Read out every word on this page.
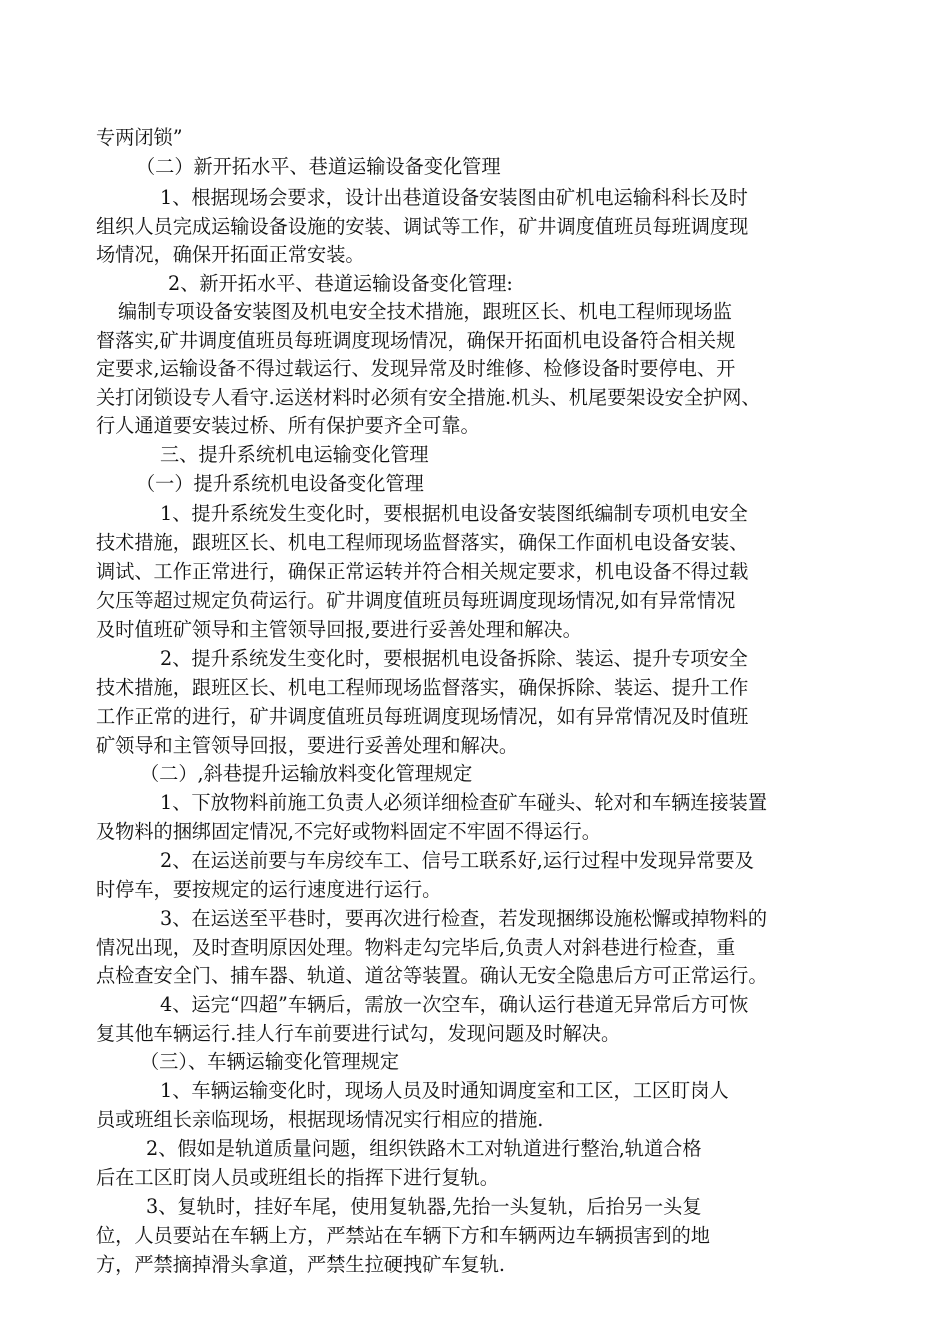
专两闭锁”
（二）新开拓水平、巷道运输设备变化管理
1、根据现场会要求，设计出巷道设备安装图由矿机电运输科科长及时
组织人员完成运输设备设施的安装、调试等工作，矿井调度值班员每班调度现
场情况，确保开拓面正常安装。
2、新开拓水平、巷道运输设备变化管理:
编制专项设备安装图及机电安全技术措施，跟班区长、机电工程师现场监
督落实,矿井调度值班员每班调度现场情况，确保开拓面机电设备符合相关规
定要求,运输设备不得过载运行、发现异常及时维修、检修设备时要停电、开
关打闭锁设专人看守.运送材料时必须有安全措施.机头、机尾要架设安全护网、
行人通道要安装过桥、所有保护要齐全可靠。
三、提升系统机电运输变化管理
（一）提升系统机电设备变化管理
1、提升系统发生变化时，要根据机电设备安装图纸编制专项机电安全
技术措施，跟班区长、机电工程师现场监督落实，确保工作面机电设备安装、
调试、工作正常进行，确保正常运转并符合相关规定要求，机电设备不得过载
欠压等超过规定负荷运行。矿井调度值班员每班调度现场情况,如有异常情况
及时值班矿领导和主管领导回报,要进行妥善处理和解决。
2、提升系统发生变化时，要根据机电设备拆除、装运、提升专项安全
技术措施，跟班区长、机电工程师现场监督落实，确保拆除、装运、提升工作
工作正常的进行，矿井调度值班员每班调度现场情况，如有异常情况及时值班
矿领导和主管领导回报，要进行妥善处理和解决。
（二）,斜巷提升运输放料变化管理规定
1、下放物料前施工负责人必须详细检查矿车碰头、轮对和车辆连接装置
及物料的捆绑固定情况,不完好或物料固定不牢固不得运行。
2、在运送前要与车房绞车工、信号工联系好,运行过程中发现异常要及
时停车，要按规定的运行速度进行运行。
3、在运送至平巷时，要再次进行检查，若发现捆绑设施松懈或掉物料的
情况出现，及时查明原因处理。物料走勾完毕后,负责人对斜巷进行检查，重
点检查安全门、捕车器、轨道、道岔等装置。确认无安全隐患后方可正常运行。
4、运完“四超”车辆后，需放一次空车，确认运行巷道无异常后方可恢
复其他车辆运行.挂人行车前要进行试勾，发现问题及时解决。
（三）、车辆运输变化管理规定
1、车辆运输变化时，现场人员及时通知调度室和工区，工区盯岗人
员或班组长亲临现场，根据现场情况实行相应的措施.
2、假如是轨道质量问题，组织铁路木工对轨道进行整治,轨道合格
后在工区盯岗人员或班组长的指挥下进行复轨。
3、复轨时，挂好车尾，使用复轨器,先抬一头复轨，后抬另一头复
位，人员要站在车辆上方，严禁站在车辆下方和车辆两边车辆损害到的地
方，严禁摘掉滑头拿道，严禁生拉硬拽矿车复轨.
